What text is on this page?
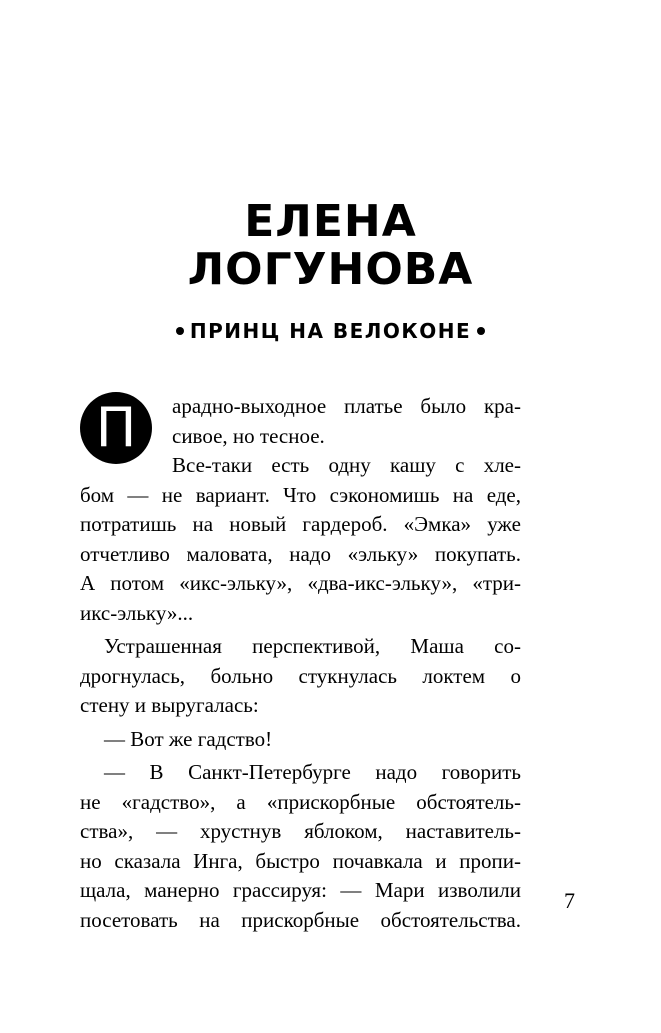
ЕЛЕНА
ЛОГУНОВА
ПРИНЦ НА ВЕЛОКОНЕ
П	арадно-выходное платье было кра-
сивое, но тесное.
Все-таки есть одну кашу с хле-
бом — не вариант. Что сэкономишь на еде,
потратишь на новый гардероб. «Эмка» уже
отчетливо маловата, надо «эльку» покупать.
А потом «икс-эльку», «два-икс-эльку», «три-
икс-эльку»...
Устрашенная перспективой, Маша со-
дрогнулась, больно стукнулась локтем о
стену и выругалась:
— Вот же гадство!
— В Санкт-Петербурге надо говорить
не «гадство», а «прискорбные обстоятель-
ства», — хрустнув яблоком, наставитель-
но сказала Инга, быстро почавкала и пропи-
щала, манерно грассируя: — Мари изволили
посетовать на прискорбные обстоятельства.
7
